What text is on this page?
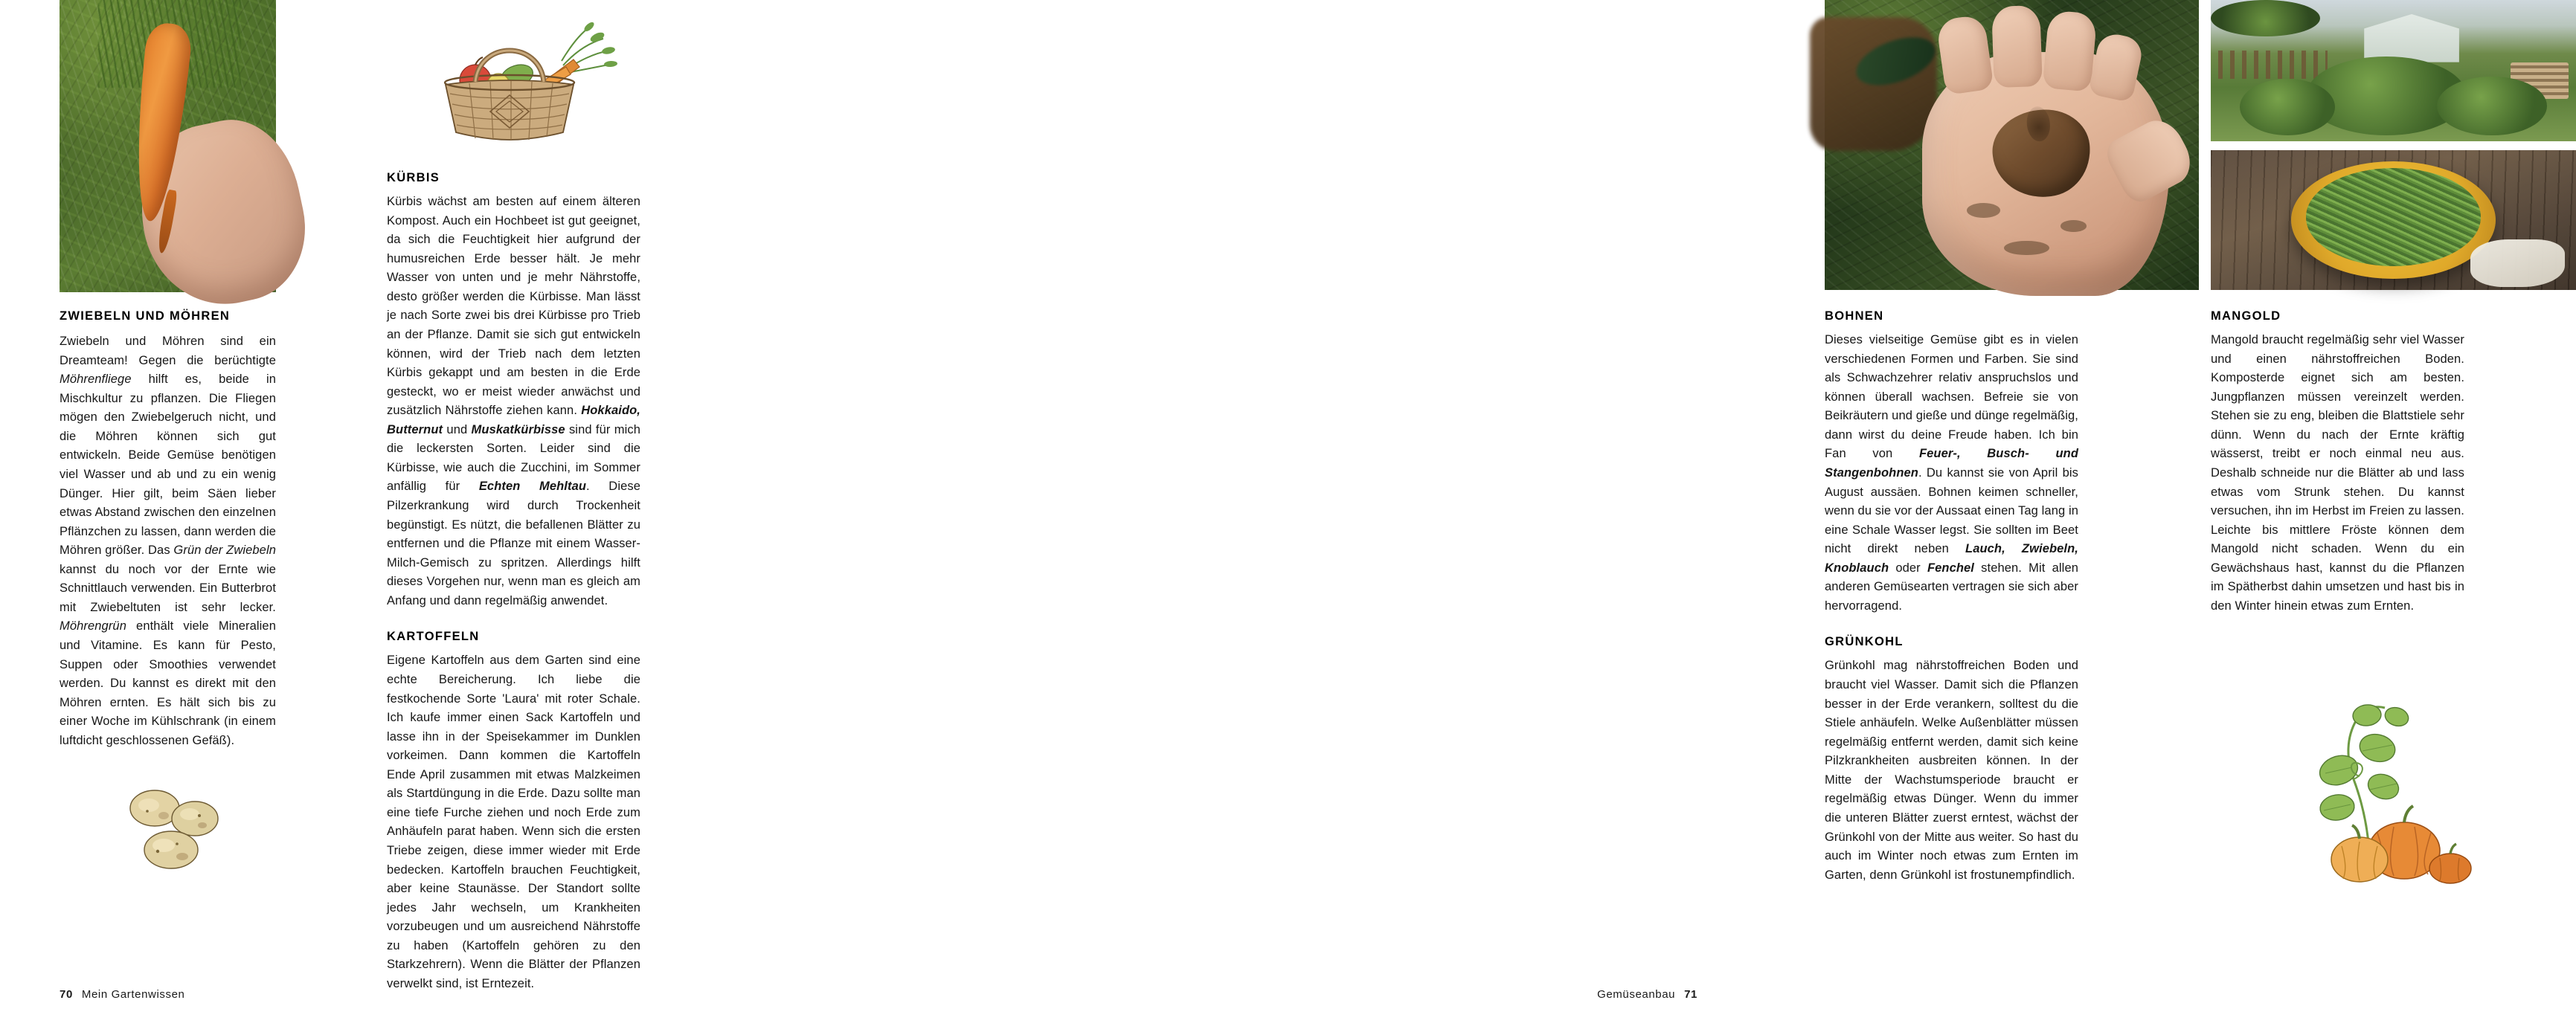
ZWIEBELN UND MÖHREN

Zwiebeln und Möhren sind ein Dreamteam! Gegen die berüchtigte Möhrenfliege hilft es, beide in Mischkultur zu pflanzen. Die Fliegen mögen den Zwiebelgeruch nicht, und die Möhren können sich gut entwickeln. Beide Gemüse benötigen viel Wasser und ab und zu ein wenig Dünger. Hier gilt, beim Säen lieber etwas Abstand zwischen den einzelnen Pflänzchen zu lassen, dann werden die Möhren größer. Das Grün der Zwiebeln kannst du noch vor der Ernte wie Schnittlauch verwenden. Ein Butterbrot mit Zwiebeltuten ist sehr lecker. Möhrengrün enthält viele Mineralien und Vitamine. Es kann für Pesto, Suppen oder Smoothies verwendet werden. Du kannst es direkt mit den Möhren ernten. Es hält sich bis zu einer Woche im Kühlschrank (in einem luftdicht geschlossenen Gefäß).

KÜRBIS

Kürbis wächst am besten auf einem älteren Kompost. Auch ein Hochbeet ist gut geeignet, da sich die Feuchtigkeit hier aufgrund der humusreichen Erde besser hält. Je mehr Wasser von unten und je mehr Nährstoffe, desto größer werden die Kürbisse. Man lässt je nach Sorte zwei bis drei Kürbisse pro Trieb an der Pflanze. Damit sie sich gut entwickeln können, wird der Trieb nach dem letzten Kürbis gekappt und am besten in die Erde gesteckt, wo er meist wieder anwächst und zusätzlich Nährstoffe ziehen kann. Hokkaido, Butternut und Muskatkürbisse sind für mich die leckersten Sorten. Leider sind die Kürbisse, wie auch die Zucchini, im Sommer anfällig für Echten Mehltau. Diese Pilzerkrankung wird durch Trockenheit begünstigt. Es nützt, die befallenen Blätter zu entfernen und die Pflanze mit einem Wasser-Milch-Gemisch zu spritzen. Allerdings hilft dieses Vorgehen nur, wenn man es gleich am Anfang und dann regelmäßig anwendet.

KARTOFFELN

Eigene Kartoffeln aus dem Garten sind eine echte Bereicherung. Ich liebe die festkochende Sorte 'Laura' mit roter Schale. Ich kaufe immer einen Sack Kartoffeln und lasse ihn in der Speisekammer im Dunklen vorkeimen. Dann kommen die Kartoffeln Ende April zusammen mit etwas Malzkeimen als Startdüngung in die Erde. Dazu sollte man eine tiefe Furche ziehen und noch Erde zum Anhäufeln parat haben. Wenn sich die ersten Triebe zeigen, diese immer wieder mit Erde bedecken. Kartoffeln brauchen Feuchtigkeit, aber keine Staunässe. Der Standort sollte jedes Jahr wechseln, um Krankheiten vorzubeugen und um ausreichend Nährstoffe zu haben (Kartoffeln gehören zu den Starkzehrern). Wenn die Blätter der Pflanzen verwelkt sind, ist Erntezeit.

70 Mein Gartenwissen
BOHNEN

Dieses vielseitige Gemüse gibt es in vielen verschiedenen Formen und Farben. Sie sind als Schwachzehrer relativ anspruchslos und können überall wachsen. Befreie sie von Beikräutern und gieße und dünge regelmäßig, dann wirst du deine Freude haben. Ich bin Fan von Feuer-, Busch- und Stangenbohnen. Du kannst sie von April bis August aussäen. Bohnen keimen schneller, wenn du sie vor der Aussaat einen Tag lang in eine Schale Wasser legst. Sie sollten im Beet nicht direkt neben Lauch, Zwiebeln, Knoblauch oder Fenchel stehen. Mit allen anderen Gemüsearten vertragen sie sich aber hervorragend.

GRÜNKOHL

Grünkohl mag nährstoffreichen Boden und braucht viel Wasser. Damit sich die Pflanzen besser in der Erde verankern, solltest du die Stiele anhäufeln. Welke Außenblätter müssen regelmäßig entfernt werden, damit sich keine Pilzkrankheiten ausbreiten können. In der Mitte der Wachstumsperiode braucht er regelmäßig etwas Dünger. Wenn du immer die unteren Blätter zuerst erntest, wächst der Grünkohl von der Mitte aus weiter. So hast du auch im Winter noch etwas zum Ernten im Garten, denn Grünkohl ist frostunempfindlich.

MANGOLD

Mangold braucht regelmäßig sehr viel Wasser und einen nährstoffreichen Boden. Komposterde eignet sich am besten. Jungpflanzen müssen vereinzelt werden. Stehen sie zu eng, bleiben die Blattstiele sehr dünn. Wenn du nach der Ernte kräftig wässerst, treibt er noch einmal neu aus. Deshalb schneide nur die Blätter ab und lass etwas vom Strunk stehen. Du kannst versuchen, ihn im Herbst im Freien zu lassen. Leichte bis mittlere Fröste können dem Mangold nicht schaden. Wenn du ein Gewächshaus hast, kannst du die Pflanzen im Spätherbst dahin umsetzen und hast bis in den Winter hinein etwas zum Ernten.

Gemüseanbau 71
